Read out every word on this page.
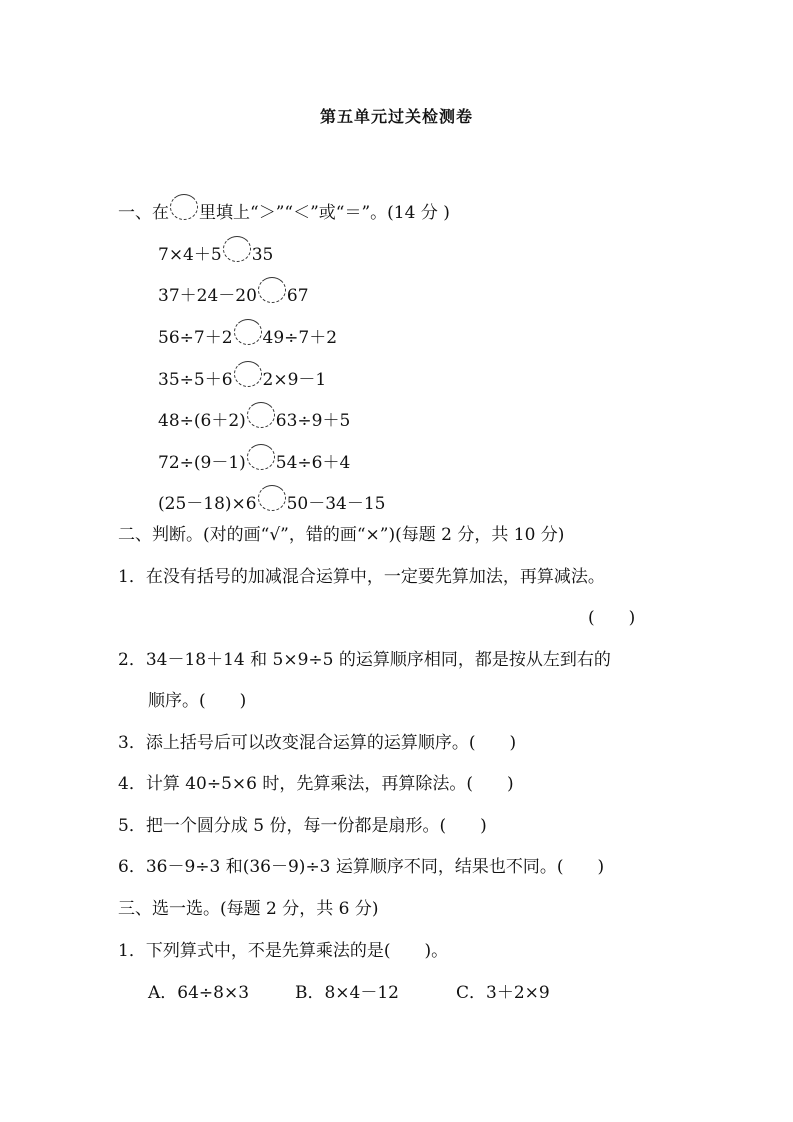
第五单元过关检测卷
一、在 里填上“＞”“＜”或“＝”。(14 分 )
7×4＋5 35
37＋24－20 67
56÷7＋2 49÷7＋2
35÷5＋6 2×9－1
48÷(6＋2) 63÷9＋5
72÷(9－1) 54÷6＋4
(25－18)×6 50－34－15
二、判断。(对的画“√”，错的画“×”)(每题 2 分，共 10 分)
1．在没有括号的加减混合运算中，一定要先算加法，再算减法。
(　　)
2．34－18＋14 和 5×9÷5 的运算顺序相同，都是按从左到右的
顺序。(　　)
3．添上括号后可以改变混合运算的运算顺序。(　　)
4．计算 40÷5×6 时，先算乘法，再算除法。(　　)
5．把一个圆分成 5 份，每一份都是扇形。(　　)
6．36－9÷3 和(36－9)÷3 运算顺序不同，结果也不同。(　　)
三、选一选。(每题 2 分，共 6 分)
1．下列算式中，不是先算乘法的是(　　)。
A．64÷8×3	B．8×4－12	C．3＋2×9
